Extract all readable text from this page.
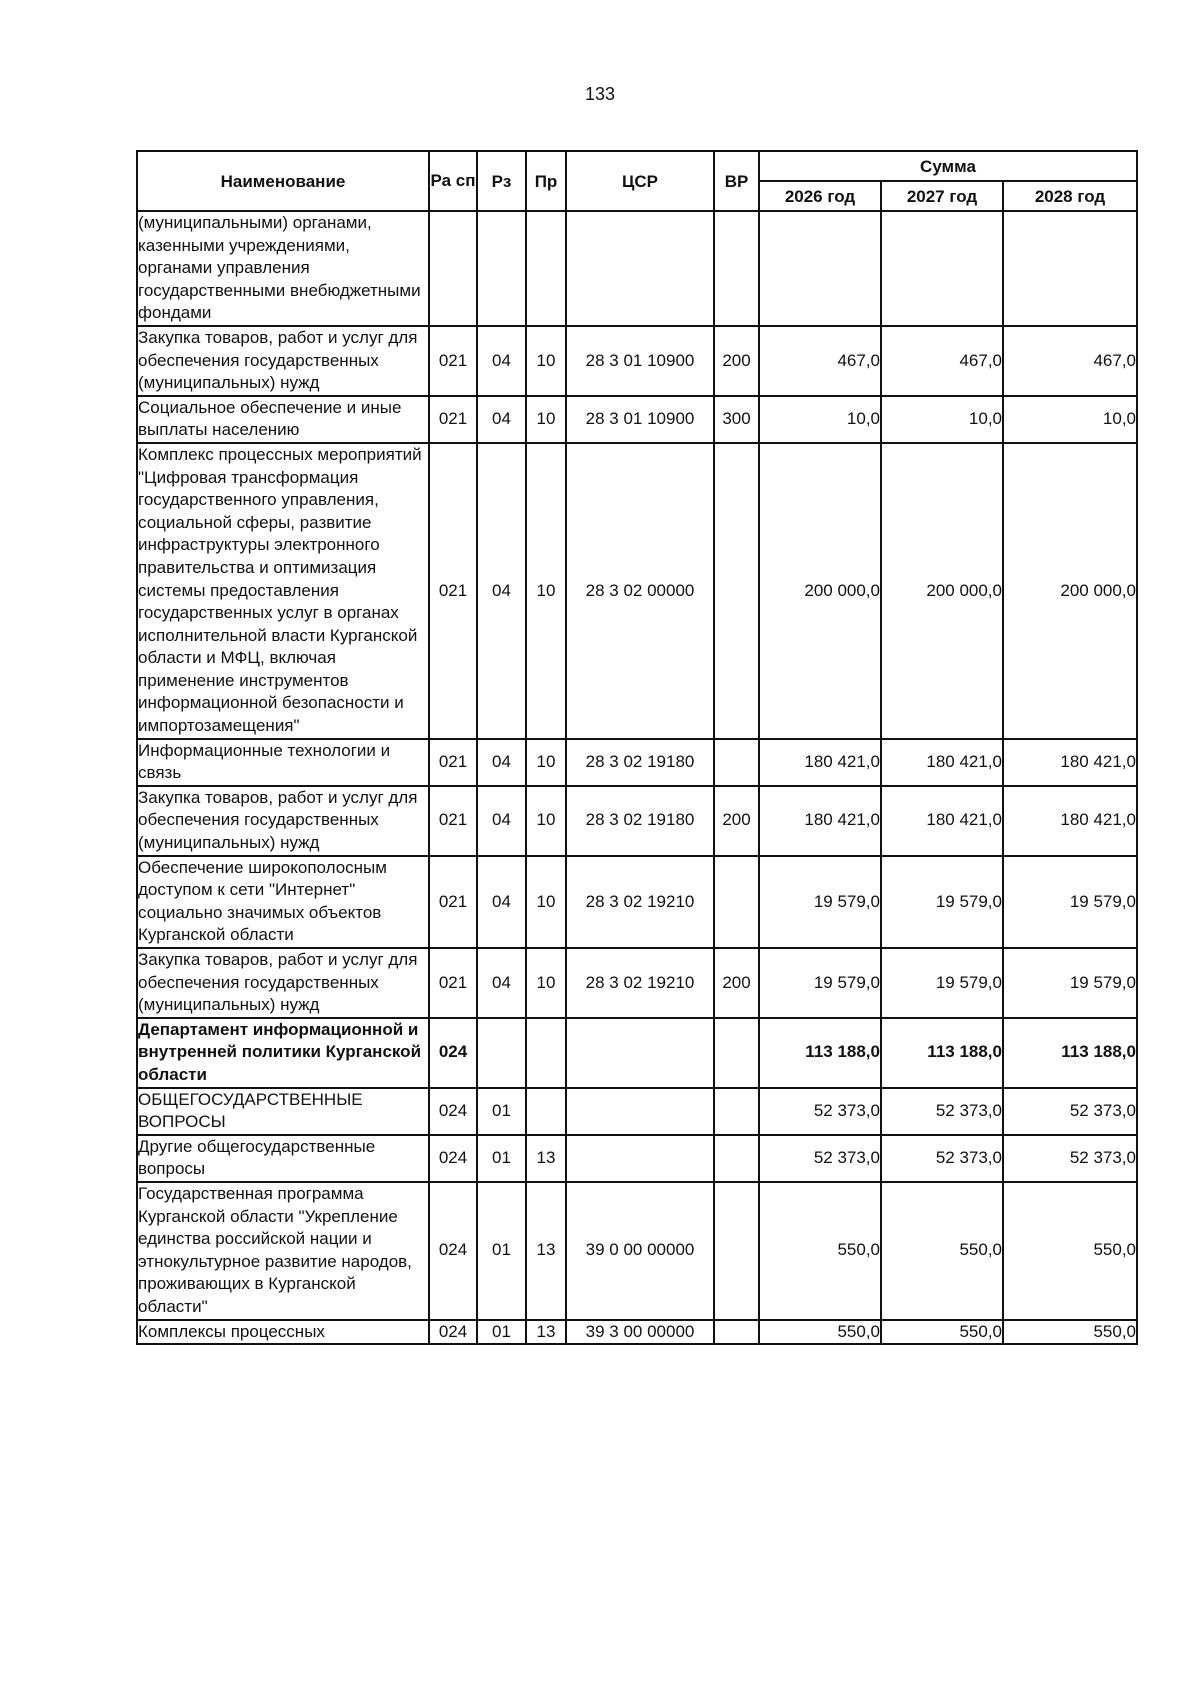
133
Наименование	Ра сп	Рз	Пр	ЦСР	ВР	Сумма		
						2026 год	2027 год	2028 год
(муниципальными) органами, казенными учреждениями, органами управления государственными внебюджетными фондами								
Закупка товаров, работ и услуг для обеспечения государственных (муниципальных) нужд	021	04	10	28 3 01 10900	200	467,0	467,0	467,0
Социальное обеспечение и иные выплаты населению	021	04	10	28 3 01 10900	300	10,0	10,0	10,0
Комплекс процессных мероприятий "Цифровая трансформация государственного управления, социальной сферы, развитие инфраструктуры электронного правительства и оптимизация системы предоставления государственных услуг в органах исполнительной власти Курганской области и МФЦ, включая применение инструментов информационной безопасности и импортозамещения"	021	04	10	28 3 02 00000		200 000,0	200 000,0	200 000,0
Информационные технологии и связь	021	04	10	28 3 02 19180		180 421,0	180 421,0	180 421,0
Закупка товаров, работ и услуг для обеспечения государственных (муниципальных) нужд	021	04	10	28 3 02 19180	200	180 421,0	180 421,0	180 421,0
Обеспечение широкополосным доступом к сети "Интернет" социально значимых объектов Курганской области	021	04	10	28 3 02 19210		19 579,0	19 579,0	19 579,0
Закупка товаров, работ и услуг для обеспечения государственных (муниципальных) нужд	021	04	10	28 3 02 19210	200	19 579,0	19 579,0	19 579,0
Департамент информационной и внутренней политики Курганской области	024					113 188,0	113 188,0	113 188,0
ОБЩЕГОСУДАРСТВЕННЫЕ ВОПРОСЫ	024	01				52 373,0	52 373,0	52 373,0
Другие общегосударственные вопросы	024	01	13			52 373,0	52 373,0	52 373,0
Государственная программа Курганской области "Укрепление единства российской нации и этнокультурное развитие народов, проживающих в Курганской области"	024	01	13	39 0 00 00000		550,0	550,0	550,0
Комплексы процессных	024	01	13	39 3 00 00000		550,0	550,0	550,0
